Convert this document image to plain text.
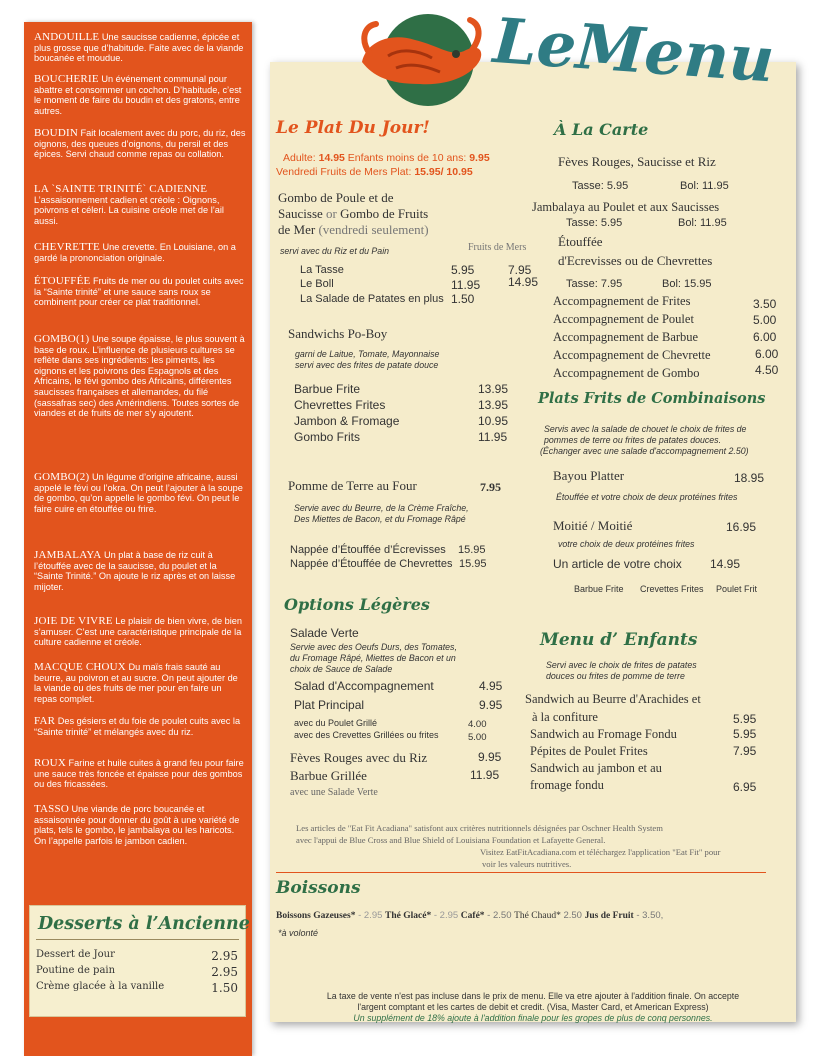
ANDOUILLE Une saucisse cadienne, épicée et plus grosse que d’habitude. Faite avec de la viande boucanée et moudue.
BOUCHERIE Un événement communal pour abattre et consommer un cochon. D’habitude, c’est le moment de faire du boudin et des gratons, entre autres.
BOUDIN Fait localement avec du porc, du riz, des oignons, des queues d’oignons, du persil et des épices. Servi chaud comme repas ou collation.
LA `SAINTE TRINITÉ` CADIENNE L’assaisonnement cadien et créole : Oignons, poivrons et céleri. La cuisine créole met de l’ail aussi.
CHEVRETTE Une crevette. En Louisiane, on a gardé la prononciation originale.
ÉTOUFFÉE Fruits de mer ou du poulet cuits avec la “Sainte trinité” et une sauce sans roux se combinent pour créer ce plat traditionnel.
GOMBO(1) Une soupe épaisse, le plus souvent à base de roux. L’influence de plusieurs cultures se reflète dans ses ingrédients: les piments, les oignons et les poivrons des Espagnols et des Africains, le févi gombo des Africains, différentes saucisses françaises et allemandes, du filé (sassafras sec) des Amérindiens. Toutes sortes de viandes et de fruits de mer s’y ajoutent.
GOMBO(2) Un légume d’origine africaine, aussi appelé le févi ou l’okra. On peut l’ajouter à la soupe de gombo, qu’on appelle le gombo févi. On peut le faire cuire en étouffée ou frire.
JAMBALAYA Un plat à base de riz cuit à l’étouffée avec de la saucisse, du poulet et la “Sainte Trinité.” On ajoute le riz après et on laisse mijoter.
JOIE DE VIVRE Le plaisir de bien vivre, de bien s’amuser. C’est une caractéristique principale de la culture cadienne et créole.
MACQUE CHOUX Du maïs frais sauté au beurre, au poivron et au sucre. On peut ajouter de la viande ou des fruits de mer pour en faire un repas complet.
FAR Des gésiers et du foie de poulet cuits avec la “Sainte trinité” et mélangés avec du riz.
ROUX Farine et huile cuites à grand feu pour faire une sauce très foncée et épaisse pour des gombos ou des fricassées.
TASSO Une viande de porc boucanée et assaisonnée pour donner du goût à une variété de plats, tels le gombo, le jambalaya ou les haricots. On l’appelle parfois le jambon cadien.
Desserts à l’Ancienne
Dessert de Jour	2.95
Poutine de pain	2.95
Crème glacée à la vanille	1.50
Le Plat Du Jour!
Adulte: 14.95 Enfants moins de 10 ans: 9.95
Vendredi Fruits de Mers Plat: 15.95/ 10.95
Gombo de Poule et de
Saucisse or Gombo de Fruits
de Mer (vendredi seulement)
servi avec du Riz et du Pain	Fruits de Mers
La Tasse	5.95	7.95
Le Boll	11.95 14.95
La Salade de Patates en plus 1.50
Sandwichs Po-Boy
garni de Laitue, Tomate, Mayonnaise
servi avec des frites de patate douce
Barbue Frite	13.95
Chevrettes Frites	13.95
Jambon & Fromage	10.95
Gombo Frits	11.95
Pomme de Terre au Four	7.95
Servie avec du Beurre, de la Crème Fraîche,
Des Miettes de Bacon, et du Fromage Râpé
Nappée d’Étouffée d’Écrevisses 15.95
Nappée d’Étouffée de Chevrettes 15.95
Options Légères
Salade Verte
Servie avec des Oeufs Durs, des Tomates,
du Fromage Râpé, Miettes de Bacon et un
choix de Sauce de Salade
Salad d'Accompagnement	4.95
Plat Principal	9.95
avec du Poulet Grillé	4.00
avec des Crevettes Grillées ou frites	5.00
Fèves Rouges avec du Riz	9.95
Barbue Grillée	11.95
avec une Salade Verte
À La Carte
Fèves Rouges, Saucisse et Riz
Tasse: 5.95	Bol: 11.95
Jambalaya au Poulet et aux Saucisses
Tasse: 5.95	Bol: 11.95
Étouffée
d'Ecrevisses ou de Chevrettes
Tasse: 7.95	Bol: 15.95
Accompagnement de Frites	3.50
Accompagnement de Poulet	5.00
Accompagnement de Barbue	6.00
Accompagnement de Chevrette	6.00
Accompagnement de Gombo	4.50
Plats Frits de Combinaisons
Servis avec la salade de chouet le choix de frites de
pommes de terre ou frites de patates douces.
(Échanger avec une salade d'accompagnement 2.50)
Bayou Platter	18.95
Étouffée et votre choix de deux protéines frites
Moitié / Moitié	16.95
votre choix de deux protéines frites
Un article de votre choix 14.95
Barbue Frite Crevettes Frites Poulet Frit
Menu d’ Enfants
Servi avec le choix de frites de patates
douces ou frites de pomme de terre
Sandwich au Beurre d'Arachides et
à la confiture	5.95
Sandwich au Fromage Fondu	5.95
Pépites de Poulet Frites	7.95
Sandwich au jambon et au
fromage fondu	6.95
Les articles de "Eat Fit Acadiana" satisfont aux critères nutritionnels désignées par Oschner Health System
avec l'appui de Blue Cross and Blue Shield of Louisiana Foundation et Lafayette General.
Visitez EatFitAcadiana.com et téléchargez l'application "Eat Fit" pour
voir les valeurs nutritives.
Boissons
Boissons Gazeuses* - 2.95 Thé Glacé* - 2.95 Café* - 2.50 Thé Chaud* 2.50 Jus de Fruit - 3.50,
*à volonté
La taxe de vente n'est pas incluse dans le prix de menu. Elle va etre ajouter à l'addition finale. On accepte
l'argent comptant et les cartes de debit et credit. (Visa, Master Card, et American Express)
Un supplément de 18% ajoute à l'addition finale pour les gropes de plus de conq personnes.
LeMenu
